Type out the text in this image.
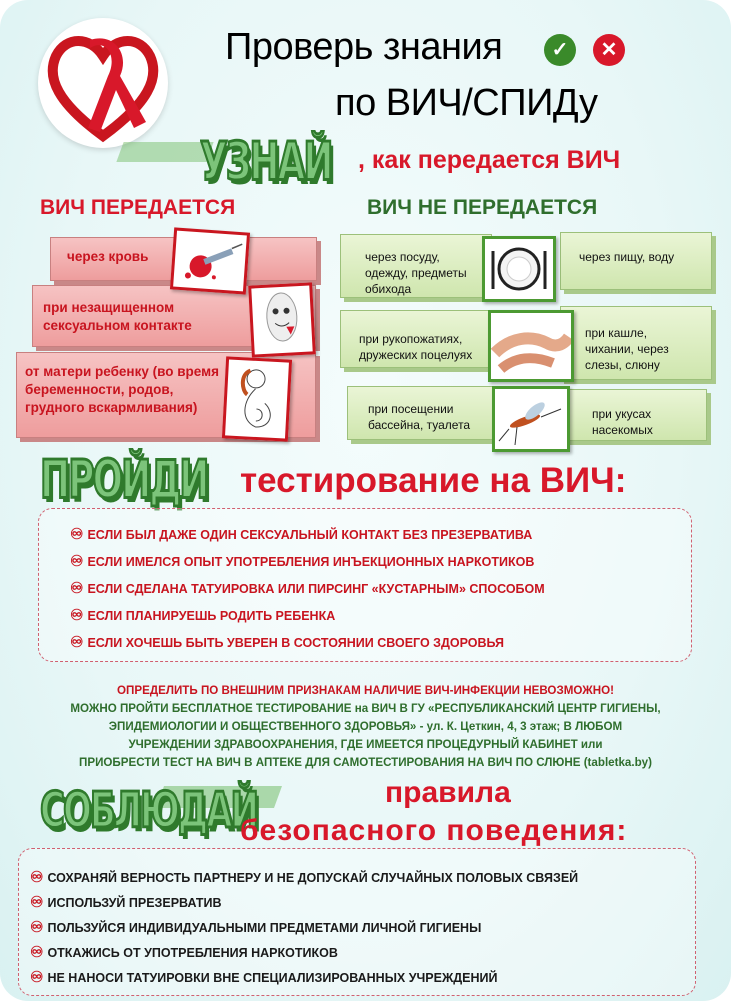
Проверь знания	✓	✕
по ВИЧ/СПИДу
УЗНАЙ , как передается ВИЧ
ВИЧ ПЕРЕДАЕТСЯ	ВИЧ НЕ ПЕРЕДАЕТСЯ
от матери ребенку (во время
беременности, родов,
грудного вскармливания)
при незащищенном
сексуальном контакте
через кровь	через посуду,
одежду, предметы
обихода
через пищу, воду
при рукопожатиях,
дружеских поцелуях
при кашле,
чихании, через
слезы, слюну
при посещении
бассейна, туалета
при укусах
насекомых
ПРОЙДИ тестирование на ВИЧ:
♾ ЕСЛИ БЫЛ ДАЖЕ ОДИН СЕКСУАЛЬНЫЙ КОНТАКТ БЕЗ ПРЕЗЕРВАТИВА
♾ ЕСЛИ ИМЕЛСЯ ОПЫТ УПОТРЕБЛЕНИЯ ИНЪЕКЦИОННЫХ НАРКОТИКОВ
♾ ЕСЛИ СДЕЛАНА ТАТУИРОВКА ИЛИ ПИРСИНГ «КУСТАРНЫМ» СПОСОБОМ
♾ ЕСЛИ ПЛАНИРУЕШЬ РОДИТЬ РЕБЕНКА
♾ ЕСЛИ ХОЧЕШЬ БЫТЬ УВЕРЕН В СОСТОЯНИИ СВОЕГО ЗДОРОВЬЯ
ОПРЕДЕЛИТЬ ПО ВНЕШНИМ ПРИЗНАКАМ НАЛИЧИЕ ВИЧ-ИНФЕКЦИИ НЕВОЗМОЖНО!
МОЖНО ПРОЙТИ БЕСПЛАТНОЕ ТЕСТИРОВАНИЕ на ВИЧ В ГУ «РЕСПУБЛИКАНСКИЙ ЦЕНТР ГИГИЕНЫ,
ЭПИДЕМИОЛОГИИ И ОБЩЕСТВЕННОГО ЗДОРОВЬЯ» - ул. К. Цеткин, 4, 3 этаж; В ЛЮБОМ
УЧРЕЖДЕНИИ ЗДРАВООХРАНЕНИЯ, ГДЕ ИМЕЕТСЯ ПРОЦЕДУРНЫЙ КАБИНЕТ или
ПРИОБРЕСТИ ТЕСТ НА ВИЧ В АПТЕКЕ ДЛЯ САМОТЕСТИРОВАНИЯ НА ВИЧ ПО СЛЮНЕ (tabletka.by)
СОБЛЮДАЙ	правила
безопасного поведения:
♾ СОХРАНЯЙ ВЕРНОСТЬ ПАРТНЕРУ И НЕ ДОПУСКАЙ СЛУЧАЙНЫХ ПОЛОВЫХ СВЯЗЕЙ
♾ ИСПОЛЬЗУЙ ПРЕЗЕРВАТИВ
♾ ПОЛЬЗУЙСЯ ИНДИВИДУАЛЬНЫМИ ПРЕДМЕТАМИ ЛИЧНОЙ ГИГИЕНЫ
♾ ОТКАЖИСЬ ОТ УПОТРЕБЛЕНИЯ НАРКОТИКОВ
♾ НЕ НАНОСИ ТАТУИРОВКИ ВНЕ СПЕЦИАЛИЗИРОВАННЫХ УЧРЕЖДЕНИЙ
